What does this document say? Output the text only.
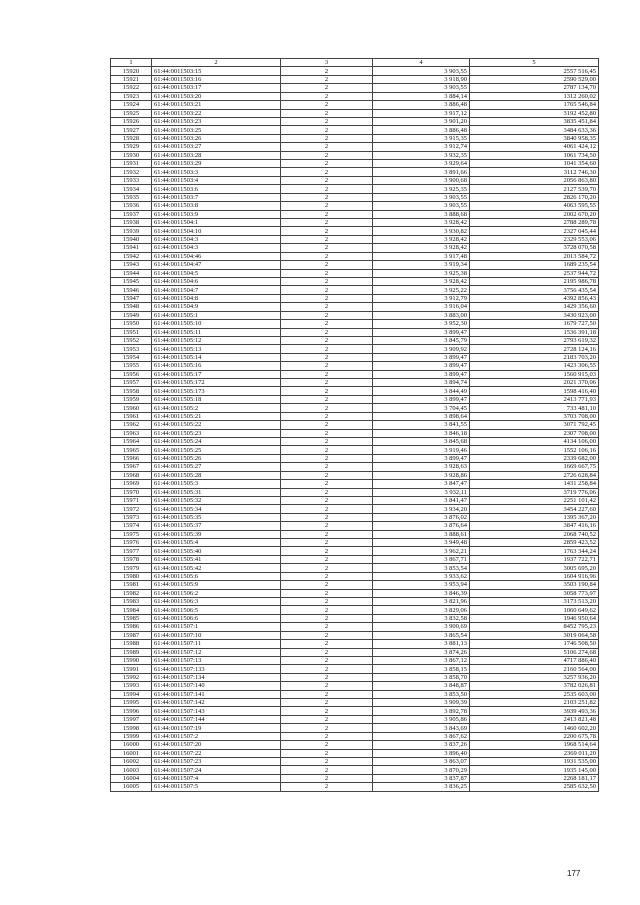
1	2	3	4	5
15920	61:44:0011503:15	2	3 903,55	2557 516,45
15921	61:44:0011503:16	2	3 918,90	2590 529,00
15922	61:44:0011503:17	2	3 903,55	2787 134,70
15923	61:44:0011503:20	2	3 884,14	1312 260,02
15924	61:44:0011503:21	2	3 886,48	1765 546,84
15925	61:44:0011503:22	2	3 917,12	3192 452,80
15926	61:44:0011503:23	2	3 901,20	3835 451,84
15927	61:44:0011503:25	2	3 886,48	3484 633,36
15928	61:44:0011503:26	2	3 915,35	3840 958,35
15929	61:44:0011503:27	2	3 912,74	4061 424,12
15930	61:44:0011503:28	2	3 932,35	1061 734,50
15931	61:44:0011503:29	2	3 929,64	1041 354,60
15932	61:44:0011503:3	2	3 891,66	3112 746,30
15933	61:44:0011503:4	2	3 900,68	2056 863,80
15934	61:44:0011503:6	2	3 925,35	2127 539,70
15935	61:44:0011503:7	2	3 903,55	2826 170,20
15936	61:44:0011503:8	2	3 903,55	4063 595,55
15937	61:44:0011503:9	2	3 888,68	2002 670,20
15938	61:44:0011504:1	2	3 928,42	2788 289,78
15939	61:44:0011504:10	2	3 930,82	2327 045,44
15940	61:44:0011504:3	2	3 928,42	2329 553,06
15941	61:44:0011504:3	2	3 928,42	3728 070,58
15942	61:44:0011504:46	2	3 917,48	2013 584,72
15943	61:44:0011504:47	2	3 919,34	1689 235,54
15944	61:44:0011504:5	2	3 925,38	2537 944,72
15945	61:44:0011504:6	2	3 928,42	2195 986,78
15946	61:44:0011504:7	2	3 925,22	3756 435,54
15947	61:44:0011504:8	2	3 912,79	4392 856,43
15948	61:44:0011504:9	2	3 916,04	1429 356,60
15949	61:44:0011505:1	2	3 883,00	3430 923,00
15950	61:44:0011505:10	2	3 952,30	1679 727,50
15951	61:44:0011505:11	2	3 899,47	1536 391,18
15952	61:44:0011505:12	2	3 845,79	2793 619,32
15953	61:44:0011505:13	2	3 909,92	2728 124,16
15954	61:44:0011505:14	2	3 899,47	2183 703,20
15955	61:44:0011505:16	2	3 899,47	1423 306,55
15956	61:44:0011505:17	2	3 899,47	1560 915,03
15957	61:44:0011505:172	2	3 894,74	2021 370,06
15958	61:44:0011505:173	2	3 844,49	1598 416,40
15959	61:44:0011505:18	2	3 899,47	2413 771,93
15960	61:44:0011505:2	2	3 704,45	733 481,10
15961	61:44:0011505:21	2	3 898,64	3703 708,00
15962	61:44:0011505:22	2	3 841,55	3071 792,45
15963	61:44:0011505:23	2	3 846,18	2307 708,00
15964	61:44:0011505:24	2	3 845,68	4134 106,00
15965	61:44:0011505:25	2	3 919,46	1552 106,16
15966	61:44:0011505:26	2	3 899,47	2339 682,00
15967	61:44:0011505:27	2	3 928,63	1669 667,75
15968	61:44:0011505:28	2	3 928,86	2726 628,84
15969	61:44:0011505:3	2	3 847,47	1431 258,84
15970	61:44:0011505:31	2	3 932,11	3719 776,06
15971	61:44:0011505:32	2	3 841,47	2251 101,42
15972	61:44:0011505:34	2	3 934,20	3454 227,60
15973	61:44:0011505:35	2	3 876,02	1395 367,20
15974	61:44:0011505:37	2	3 876,64	3847 416,16
15975	61:44:0011505:39	2	3 888,61	2068 740,52
15976	61:44:0011505:4	2	3 949,48	2859 423,52
15977	61:44:0011505:40	2	3 962,21	1763 344,24
15978	61:44:0011505:41	2	3 867,71	1937 722,71
15979	61:44:0011505:42	2	3 853,54	3005 695,20
15980	61:44:0011505:6	2	3 933,62	1604 916,96
15981	61:44:0011505:9	2	3 953,94	3503 190,84
15982	61:44:0011506:2	2	3 846,39	3058 773,97
15983	61:44:0011506:3	2	3 821,96	3173 513,20
15984	61:44:0011506:5	2	3 829,06	1060 649,62
15985	61:44:0011506:6	2	3 832,58	1946 950,64
15986	61:44:0011507:1	2	3 900,69	8452 795,23
15987	61:44:0011507:10	2	3 865,54	3019 064,58
15988	61:44:0011507:11	2	3 881,13	1746 508,50
15989	61:44:0011507:12	2	3 874,26	5106 274,68
15990	61:44:0011507:13	2	3 867,12	4717 886,40
15991	61:44:0011507:133	2	3 858,15	2160 564,00
15992	61:44:0011507:134	2	3 858,70	3257 936,20
15993	61:44:0011507:140	2	3 848,87	3782 026,81
15994	61:44:0011507:141	2	3 853,50	2535 603,00
15995	61:44:0011507:142	2	3 909,39	2103 251,82
15996	61:44:0011507:143	2	3 892,78	3939 493,36
15997	61:44:0011507:144	2	3 905,86	2413 821,48
15998	61:44:0011507:19	2	3 843,69	1460 602,20
15999	61:44:0011507:2	2	3 867,62	2200 675,78
16000	61:44:0011507:20	2	3 837,26	1968 514,64
16001	61:44:0011507:22	2	3 896,40	2369 011,20
16002	61:44:0011507:23	2	3 863,07	1931 535,00
16003	61:44:0011507:24	2	3 870,29	1935 145,00
16004	61:44:0011507:4	2	3 837,87	2268 181,17
16005	61:44:0011507:5	2	3 836,25	2585 632,50
177
